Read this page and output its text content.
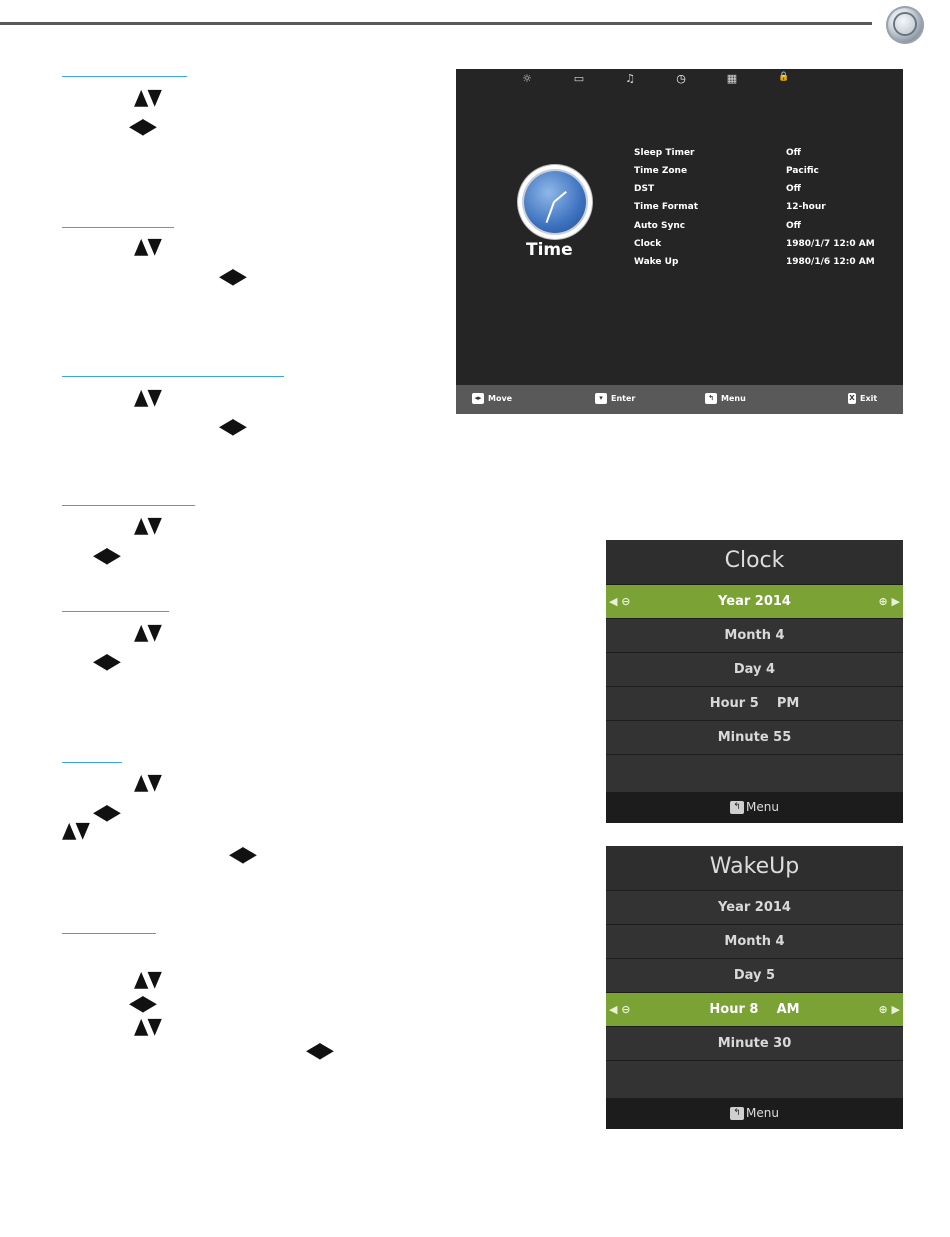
▲▼
◀▶
▲▼
◀▶
▲▼
◀▶
▲▼
◀▶
▲▼
◀▶
▲▼
◀▶
▲▼
◀▶
▲▼
◀▶
▲▼
◀▶
☼	▭	♫	◷	▦	🔒
Time
Sleep Timer	Off
Time Zone	Pacific
DST	Off
Time Format	12-hour
Auto Sync	Off
Clock	1980/1/7 12:0 AM
Wake Up	1980/1/6 12:0 AM
◂▸ Move	▾ Enter	↰ Menu	X Exit
Clock
◀ ⊖	Year 2014	⊕ ▶
Month 4
Day 4
Hour 5    PM
Minute 55
↰ Menu
WakeUp
Year 2014
Month 4
Day 5
◀ ⊖	Hour 8    AM	⊕ ▶
Minute 30
↰ Menu
